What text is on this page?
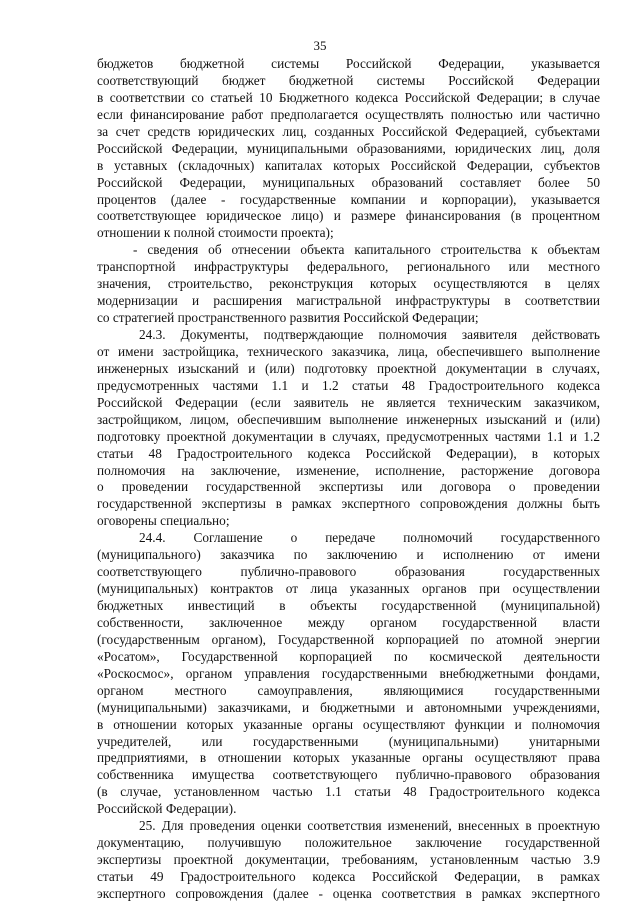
35
бюджетов бюджетной системы Российской Федерации, указывается
соответствующий бюджет бюджетной системы Российской Федерации
в соответствии со статьей 10 Бюджетного кодекса Российской Федерации; в случае
если финансирование работ предполагается осуществлять полностью или частично
за счет средств юридических лиц, созданных Российской Федерацией, субъектами
Российской Федерации, муниципальными образованиями, юридических лиц, доля
в уставных (складочных) капиталах которых Российской Федерации, субъектов
Российской Федерации, муниципальных образований составляет более 50
процентов (далее - государственные компании и корпорации), указывается
соответствующее юридическое лицо) и размере финансирования (в процентном
отношении к полной стоимости проекта);
- сведения об отнесении объекта капитального строительства к объектам
транспортной инфраструктуры федерального, регионального или местного
значения, строительство, реконструкция которых осуществляются в целях
модернизации и расширения магистральной инфраструктуры в соответствии
со стратегией пространственного развития Российской Федерации;
24.3. Документы, подтверждающие полномочия заявителя действовать
от имени застройщика, технического заказчика, лица, обеспечившего выполнение
инженерных изысканий и (или) подготовку проектной документации в случаях,
предусмотренных частями 1.1 и 1.2 статьи 48 Градостроительного кодекса
Российской Федерации (если заявитель не является техническим заказчиком,
застройщиком, лицом, обеспечившим выполнение инженерных изысканий и (или)
подготовку проектной документации в случаях, предусмотренных частями 1.1 и 1.2
статьи 48 Градостроительного кодекса Российской Федерации), в которых
полномочия на заключение, изменение, исполнение, расторжение договора
о проведении государственной экспертизы или договора о проведении
государственной экспертизы в рамках экспертного сопровождения должны быть
оговорены специально;
24.4. Соглашение о передаче полномочий государственного
(муниципального) заказчика по заключению и исполнению от имени
соответствующего публично-правового образования государственных
(муниципальных) контрактов от лица указанных органов при осуществлении
бюджетных инвестиций в объекты государственной (муниципальной)
собственности, заключенное между органом государственной власти
(государственным органом), Государственной корпорацией по атомной энергии
«Росатом», Государственной корпорацией по космической деятельности
«Роскосмос», органом управления государственными внебюджетными фондами,
органом местного самоуправления, являющимися государственными
(муниципальными) заказчиками, и бюджетными и автономными учреждениями,
в отношении которых указанные органы осуществляют функции и полномочия
учредителей, или государственными (муниципальными) унитарными
предприятиями, в отношении которых указанные органы осуществляют права
собственника имущества соответствующего публично-правового образования
(в случае, установленном частью 1.1 статьи 48 Градостроительного кодекса
Российской Федерации).
25. Для проведения оценки соответствия изменений, внесенных в проектную
документацию, получившую положительное заключение государственной
экспертизы проектной документации, требованиям, установленным частью 3.9
статьи 49 Градостроительного кодекса Российской Федерации, в рамках
экспертного сопровождения (далее - оценка соответствия в рамках экспертного
